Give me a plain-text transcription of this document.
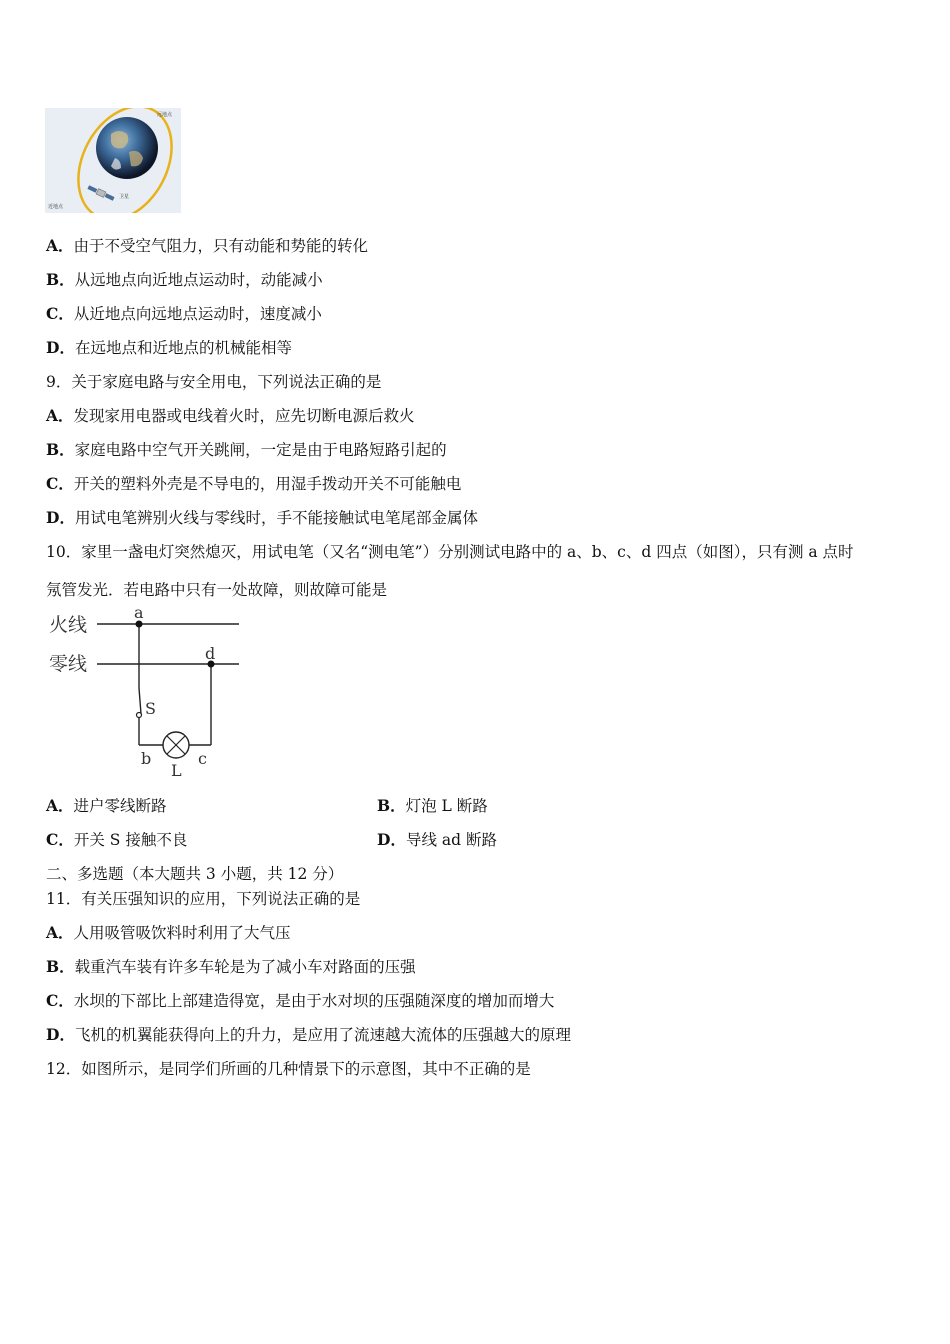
远地点
近地点
卫星
A．由于不受空气阻力，只有动能和势能的转化
B．从远地点向近地点运动时，动能减小
C．从近地点向远地点运动时，速度减小
D．在远地点和近地点的机械能相等
9．关于家庭电路与安全用电，下列说法正确的是
A．发现家用电器或电线着火时，应先切断电源后救火
B．家庭电路中空气开关跳闸，一定是由于电路短路引起的
C．开关的塑料外壳是不导电的，用湿手拨动开关不可能触电
D．用试电笔辨别火线与零线时，手不能接触试电笔尾部金属体
10．家里一盏电灯突然熄灭，用试电笔（又名“测电笔”）分别测试电路中的 a、b、c、d 四点（如图），只有测 a 点时
氖管发光．若电路中只有一处故障，则故障可能是
火线
零线
a
d
S
b	c
L
A．进户零线断路	B．灯泡 L 断路
C．开关 S 接触不良	D．导线 ad 断路
二、多选题（本大题共 3 小题，共 12 分）
11．有关压强知识的应用，下列说法正确的是
A．人用吸管吸饮料时利用了大气压
B．载重汽车装有许多车轮是为了减小车对路面的压强
C．水坝的下部比上部建造得宽，是由于水对坝的压强随深度的增加而增大
D．飞机的机翼能获得向上的升力，是应用了流速越大流体的压强越大的原理
12．如图所示，是同学们所画的几种情景下的示意图，其中不正确的是
